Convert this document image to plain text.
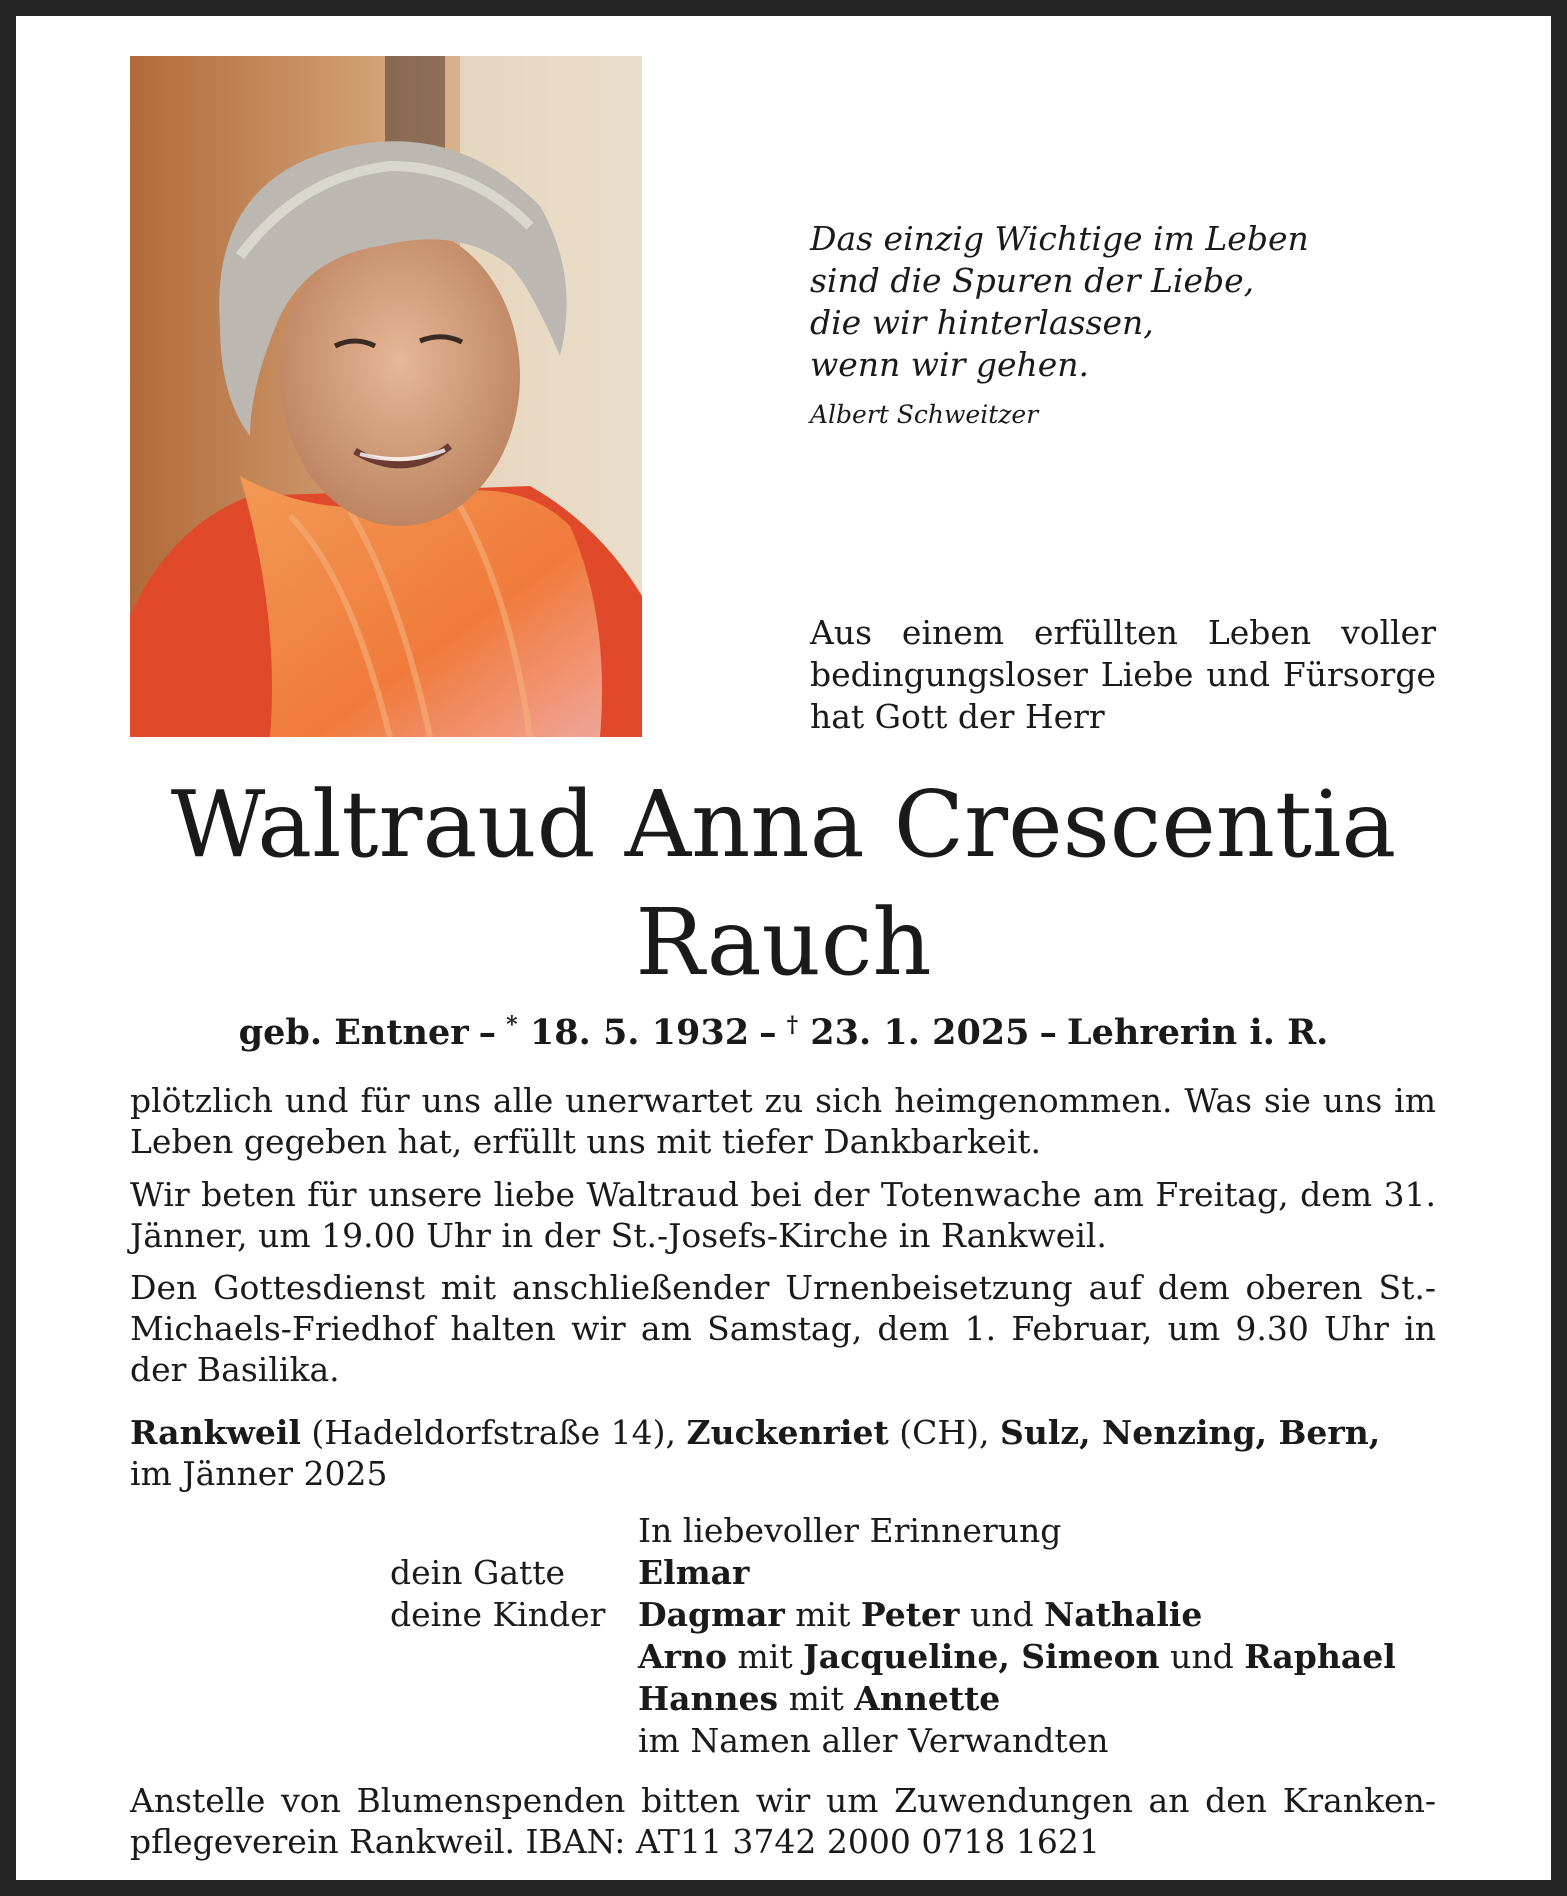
Das einzig Wichtige im Leben
sind die Spuren der Liebe,
die wir hinterlassen,
wenn wir gehen.
Albert Schweitzer
Aus einem erfüllten Leben voller bedingungsloser Liebe und Fürsorge hat Gott der Herr
Waltraud Anna Crescentia
Rauch
geb. Entner – * 18. 5. 1932 – † 23. 1. 2025 – Lehrerin i. R.
plötzlich und für uns alle unerwartet zu sich heimgenommen. Was sie uns im Leben gegeben hat, erfüllt uns mit tiefer Dankbarkeit.
Wir beten für unsere liebe Waltraud bei der Totenwache am Freitag, dem 31. Jänner, um 19.00 Uhr in der St.-Josefs-Kirche in Rankweil.
Den Gottesdienst mit anschließender Urnenbeisetzung auf dem oberen St.-Michaels-Friedhof halten wir am Samstag, dem 1. Februar, um 9.30 Uhr in der Basilika.
Rankweil (Hadeldorfstraße 14), Zuckenriet (CH), Sulz, Nenzing, Bern,
im Jänner 2025
In liebevoller Erinnerung
dein Gatte	Elmar
deine Kinder Dagmar mit Peter und Nathalie
Arno mit Jacqueline, Simeon und Raphael
Hannes mit Annette
im Namen aller Verwandten
Anstelle von Blumenspenden bitten wir um Zuwendungen an den Kranken-pflegeverein Rankweil. IBAN: AT11 3742 2000 0718 1621
